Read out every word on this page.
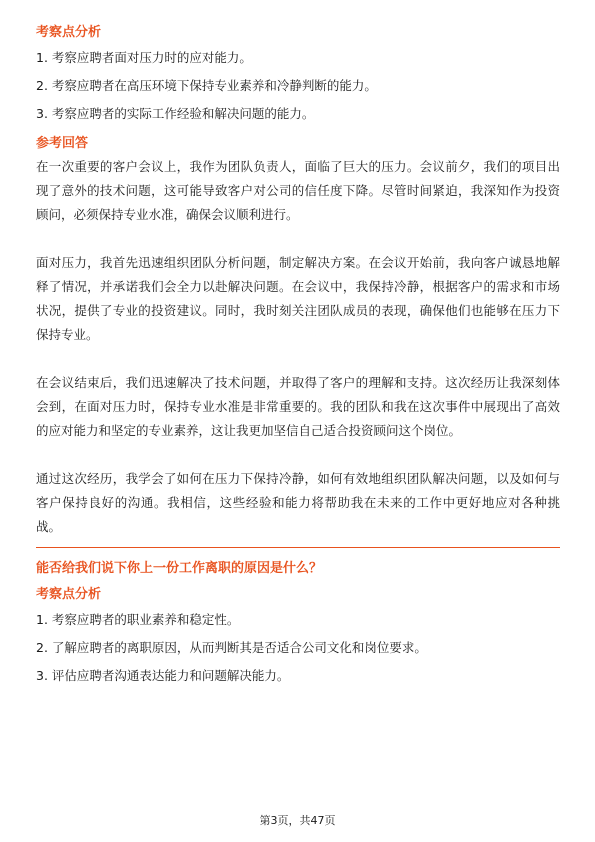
考察点分析
1. 考察应聘者面对压力时的应对能力。
2. 考察应聘者在高压环境下保持专业素养和冷静判断的能力。
3. 考察应聘者的实际工作经验和解决问题的能力。
参考回答

在一次重要的客户会议上，我作为团队负责人，面临了巨大的压力。会议前夕，我们的项目出现了意外的技术问题，这可能导致客户对公司的信任度下降。尽管时间紧迫，我深知作为投资顾问，必须保持专业水准，确保会议顺利进行。

面对压力，我首先迅速组织团队分析问题，制定解决方案。在会议开始前，我向客户诚恳地解释了情况，并承诺我们会全力以赴解决问题。在会议中，我保持冷静，根据客户的需求和市场状况，提供了专业的投资建议。同时，我时刻关注团队成员的表现，确保他们也能够在压力下保持专业。

在会议结束后，我们迅速解决了技术问题，并取得了客户的理解和支持。这次经历让我深刻体会到，在面对压力时，保持专业水准是非常重要的。我的团队和我在这次事件中展现出了高效的应对能力和坚定的专业素养，这让我更加坚信自己适合投资顾问这个岗位。

通过这次经历，我学会了如何在压力下保持冷静，如何有效地组织团队解决问题，以及如何与客户保持良好的沟通。我相信，这些经验和能力将帮助我在未来的工作中更好地应对各种挑战。

能否给我们说下你上一份工作离职的原因是什么？
考察点分析
1. 考察应聘者的职业素养和稳定性。
2. 了解应聘者的离职原因，从而判断其是否适合公司文化和岗位要求。
3. 评估应聘者沟通表达能力和问题解决能力。
第3页，共47页
